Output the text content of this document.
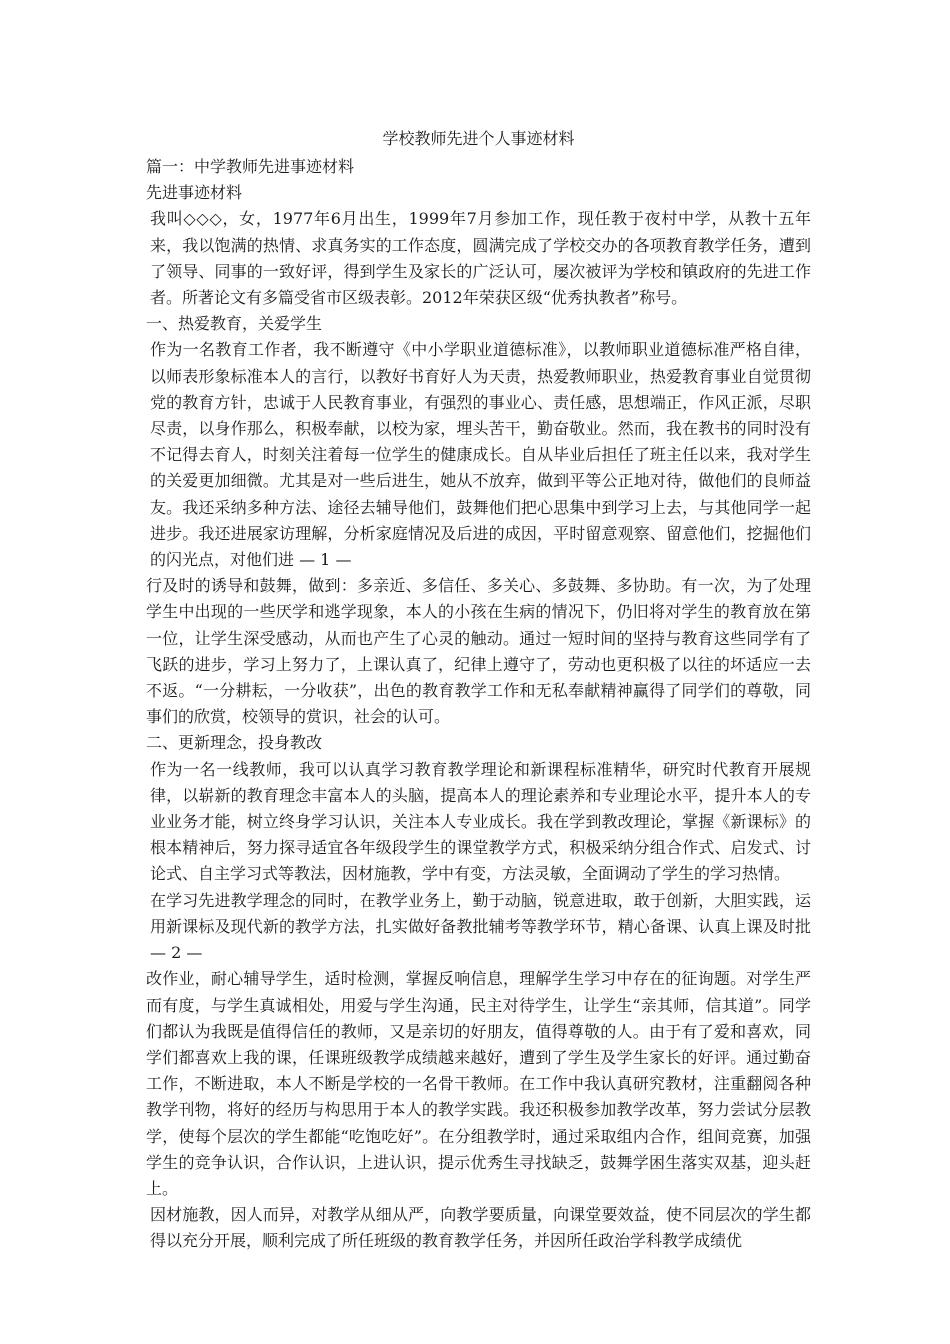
学校教师先进个人事迹材料

篇一：中学教师先进事迹材料

先进事迹材料

我叫◇◇◇，女，1977年6月出生，1999年7月参加工作，现任教于夜村中学，从教十五年来，我以饱满的热情、求真务实的工作态度，圆满完成了学校交办的各项教育教学任务，遭到了领导、同事的一致好评，得到学生及家长的广泛认可，屡次被评为学校和镇政府的先进工作者。所著论文有多篇受省市区级表彰。2012年荣获区级“优秀执教者”称号。

一、热爱教育，关爱学生

作为一名教育工作者，我不断遵守《中小学职业道德标准》，以教师职业道德标准严格自律，以师表形象标准本人的言行，以教好书育好人为天责，热爱教师职业，热爱教育事业自觉贯彻党的教育方针，忠诚于人民教育事业，有强烈的事业心、责任感，思想端正，作风正派，尽职尽责，以身作那么，积极奉献，以校为家，埋头苦干，勤奋敬业。然而，我在教书的同时没有不记得去育人，时刻关注着每一位学生的健康成长。自从毕业后担任了班主任以来，我对学生的关爱更加细微。尤其是对一些后进生，她从不放弃，做到平等公正地对待，做他们的良师益友。我还采纳多种方法、途径去辅导他们，鼓舞他们把心思集中到学习上去，与其他同学一起进步。我还进展家访理解，分析家庭情况及后进的成因，平时留意观察、留意他们，挖掘他们的闪光点，对他们进 — 1 —

行及时的诱导和鼓舞，做到：多亲近、多信任、多关心、多鼓舞、多协助。有一次，为了处理学生中出现的一些厌学和逃学现象，本人的小孩在生病的情况下，仍旧将对学生的教育放在第一位，让学生深受感动，从而也产生了心灵的触动。通过一短时间的坚持与教育这些同学有了飞跃的进步，学习上努力了，上课认真了，纪律上遵守了，劳动也更积极了以往的坏适应一去不返。“一分耕耘，一分收获”，出色的教育教学工作和无私奉献精神赢得了同学们的尊敬，同事们的欣赏，校领导的赏识，社会的认可。

二、更新理念，投身教改

作为一名一线教师，我可以认真学习教育教学理论和新课程标准精华，研究时代教育开展规律，以崭新的教育理念丰富本人的头脑，提高本人的理论素养和专业理论水平，提升本人的专业业务才能，树立终身学习认识，关注本人专业成长。我在学到教改理论，掌握《新课标》的根本精神后，努力探寻适宜各年级段学生的课堂教学方式，积极采纳分组合作式、启发式、讨论式、自主学习式等教法，因材施教，学中有变，方法灵敏，全面调动了学生的学习热情。

在学习先进教学理念的同时，在教学业务上，勤于动脑，锐意进取，敢于创新，大胆实践，运用新课标及现代新的教学方法，扎实做好备教批辅考等教学环节，精心备课、认真上课及时批 — 2 —

改作业，耐心辅导学生，适时检测，掌握反响信息，理解学生学习中存在的征询题。对学生严而有度，与学生真诚相处，用爱与学生沟通，民主对待学生，让学生“亲其师，信其道”。同学们都认为我既是值得信任的教师，又是亲切的好朋友，值得尊敬的人。由于有了爱和喜欢，同学们都喜欢上我的课，任课班级教学成绩越来越好，遭到了学生及学生家长的好评。通过勤奋工作，不断进取，本人不断是学校的一名骨干教师。在工作中我认真研究教材，注重翻阅各种教学刊物，将好的经历与构思用于本人的教学实践。我还积极参加教学改革，努力尝试分层教学，使每个层次的学生都能“吃饱吃好”。在分组教学时，通过采取组内合作，组间竞赛，加强学生的竞争认识，合作认识，上进认识，提示优秀生寻找缺乏，鼓舞学困生落实双基，迎头赶上。

因材施教，因人而异，对教学从细从严，向教学要质量，向课堂要效益，使不同层次的学生都得以充分开展，顺利完成了所任班级的教育教学任务，并因所任政治学科教学成绩优
